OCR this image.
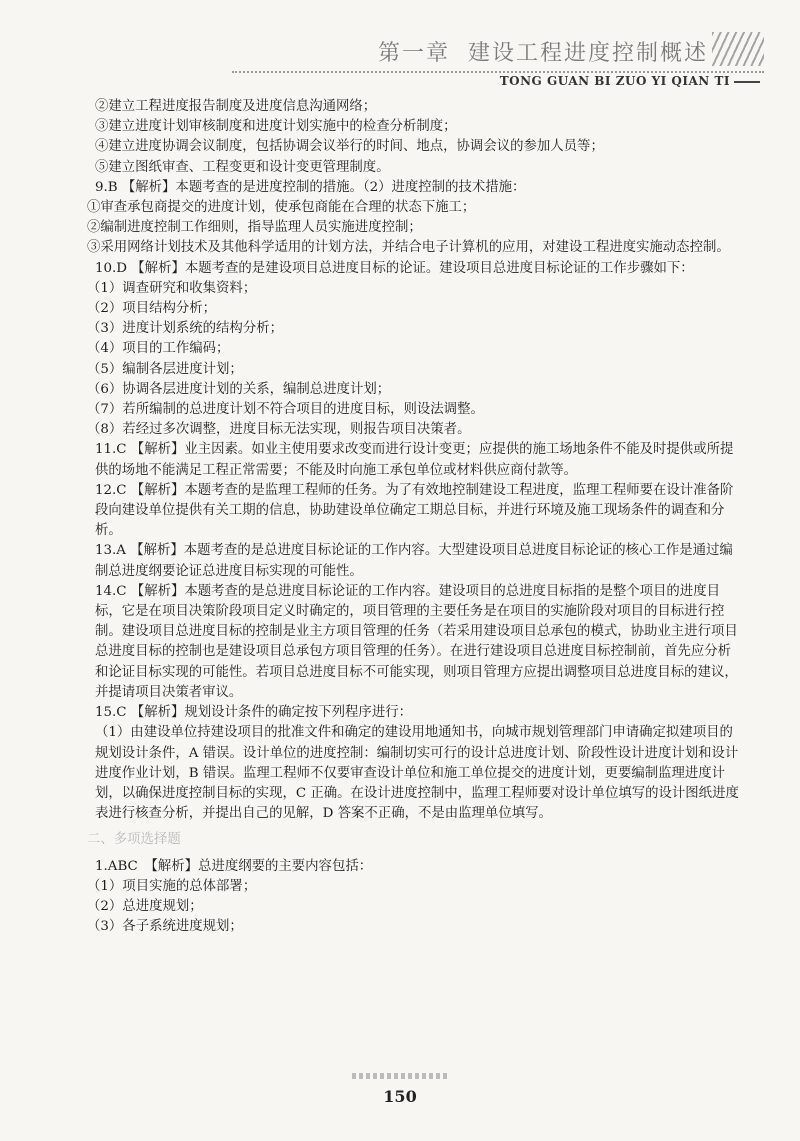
第一章 建设工程进度控制概述
TONG GUAN BI ZUO YI QIAN TI

②建立工程进度报告制度及进度信息沟通网络；

③建立进度计划审核制度和进度计划实施中的检查分析制度；

④建立进度协调会议制度，包括协调会议举行的时间、地点，协调会议的参加人员等；

⑤建立图纸审查、工程变更和设计变更管理制度。

9.B 【解析】本题考查的是进度控制的措施。（2）进度控制的技术措施：

①审查承包商提交的进度计划，使承包商能在合理的状态下施工；

②编制进度控制工作细则，指导监理人员实施进度控制；

③采用网络计划技术及其他科学适用的计划方法，并结合电子计算机的应用，对建设工程进度实施动态控制。

10.D 【解析】本题考查的是建设项目总进度目标的论证。建设项目总进度目标论证的工作步骤如下：

（1）调查研究和收集资料；

（2）项目结构分析；

（3）进度计划系统的结构分析；

（4）项目的工作编码；

（5）编制各层进度计划；

（6）协调各层进度计划的关系，编制总进度计划；

（7）若所编制的总进度计划不符合项目的进度目标，则设法调整。

（8）若经过多次调整，进度目标无法实现，则报告项目决策者。

11.C 【解析】业主因素。如业主使用要求改变而进行设计变更；应提供的施工场地条件不能及时提供或所提供的场地不能满足工程正常需要；不能及时向施工承包单位或材料供应商付款等。

12.C 【解析】本题考查的是监理工程师的任务。为了有效地控制建设工程进度，监理工程师要在设计准备阶段向建设单位提供有关工期的信息，协助建设单位确定工期总目标，并进行环境及施工现场条件的调查和分析。

13.A 【解析】本题考查的是总进度目标论证的工作内容。大型建设项目总进度目标论证的核心工作是通过编制总进度纲要论证总进度目标实现的可能性。

14.C 【解析】本题考查的是总进度目标论证的工作内容。建设项目的总进度目标指的是整个项目的进度目标，它是在项目决策阶段项目定义时确定的，项目管理的主要任务是在项目的实施阶段对项目的目标进行控制。建设项目总进度目标的控制是业主方项目管理的任务（若采用建设项目总承包的模式，协助业主进行项目总进度目标的控制也是建设项目总承包方项目管理的任务）。在进行建设项目总进度目标控制前，首先应分析和论证目标实现的可能性。若项目总进度目标不可能实现，则项目管理方应提出调整项目总进度目标的建议，并提请项目决策者审议。

15.C 【解析】规划设计条件的确定按下列程序进行：

（1）由建设单位持建设项目的批准文件和确定的建设用地通知书，向城市规划管理部门申请确定拟建项目的规划设计条件，A 错误。设计单位的进度控制：编制切实可行的设计总进度计划、阶段性设计进度计划和设计进度作业计划，B 错误。监理工程师不仅要审查设计单位和施工单位提交的进度计划，更要编制监理进度计划，以确保进度控制目标的实现，C 正确。在设计进度控制中，监理工程师要对设计单位填写的设计图纸进度表进行核查分析，并提出自己的见解，D 答案不正确，不是由监理单位填写。

二、多项选择题

1.ABC　【解析】总进度纲要的主要内容包括：

（1）项目实施的总体部署；

（2）总进度规划；

（3）各子系统进度规划；

150
